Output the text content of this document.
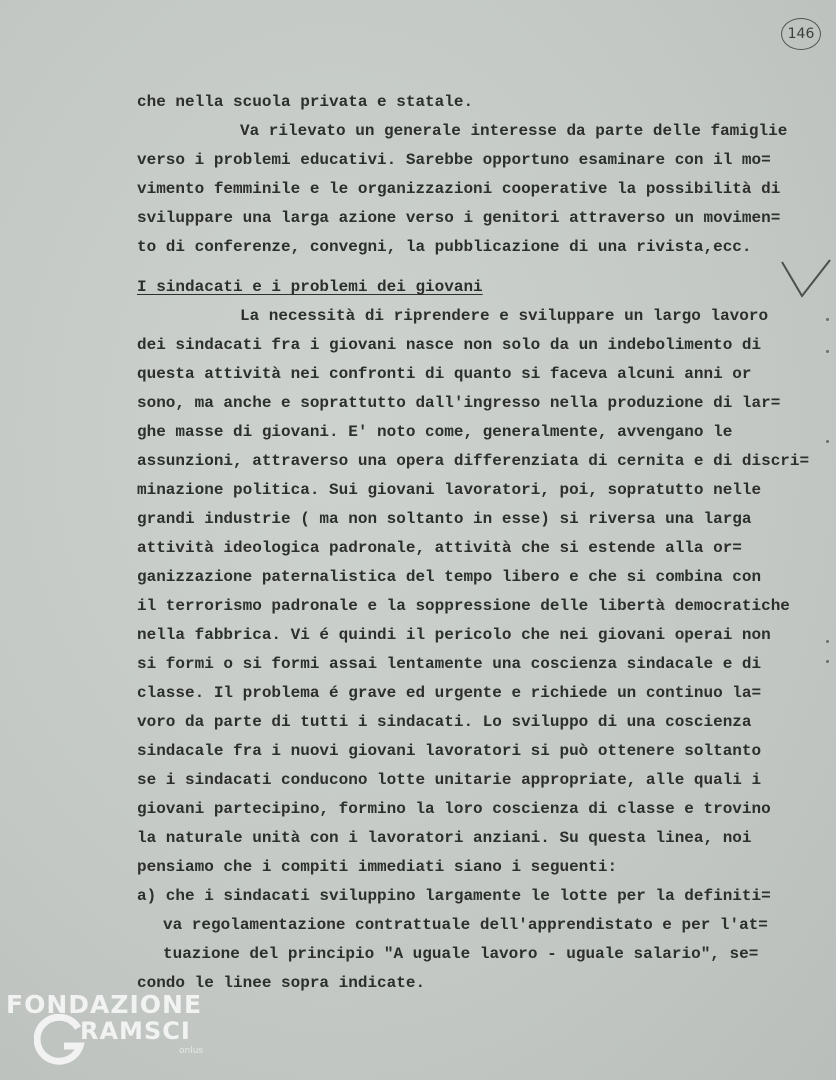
146
che nella scuola privata e statale.
Va rilevato un generale interesse da parte delle famiglie
verso i problemi educativi. Sarebbe opportuno esaminare con il mo=
vimento femminile e le organizzazioni cooperative la possibilità di
sviluppare una larga azione verso i genitori attraverso un movimen=
to di conferenze, convegni, la pubblicazione di una rivista,ecc.
I sindacati e i problemi dei giovani
La necessità di riprendere e sviluppare un largo lavoro
dei sindacati fra i giovani nasce non solo da un indebolimento di
questa attività nei confronti di quanto si faceva alcuni anni or
sono, ma anche e soprattutto dall'ingresso nella produzione di lar=
ghe masse di giovani. E' noto come, generalmente, avvengano le
assunzioni, attraverso una opera differenziata di cernita e di discri=
minazione politica. Sui giovani lavoratori, poi, sopratutto nelle
grandi industrie ( ma non soltanto in esse) si riversa una larga
attività ideologica padronale, attività che si estende alla or=
ganizzazione paternalistica del tempo libero e che si combina con
il terrorismo padronale e la soppressione delle libertà democratiche
nella fabbrica. Vi é quindi il pericolo che nei giovani operai non
si formi o si formi assai lentamente una coscienza sindacale e di
classe. Il problema é grave ed urgente e richiede un continuo la=
voro da parte di tutti i sindacati. Lo sviluppo di una coscienza
sindacale fra i nuovi giovani lavoratori si può ottenere soltanto
se i sindacati conducono lotte unitarie appropriate, alle quali i
giovani partecipino, formino la loro coscienza di classe e trovino
la naturale unità con i lavoratori anziani. Su questa linea, noi
pensiamo che i compiti immediati siano i seguenti:
a) che i sindacati sviluppino largamente le lotte per la definiti=
va regolamentazione contrattuale dell'apprendistato e per l'at=
tuazione del principio "A uguale lavoro - uguale salario", se=
condo le linee sopra indicate.
FONDAZIONE
RAMSCI
onlus
